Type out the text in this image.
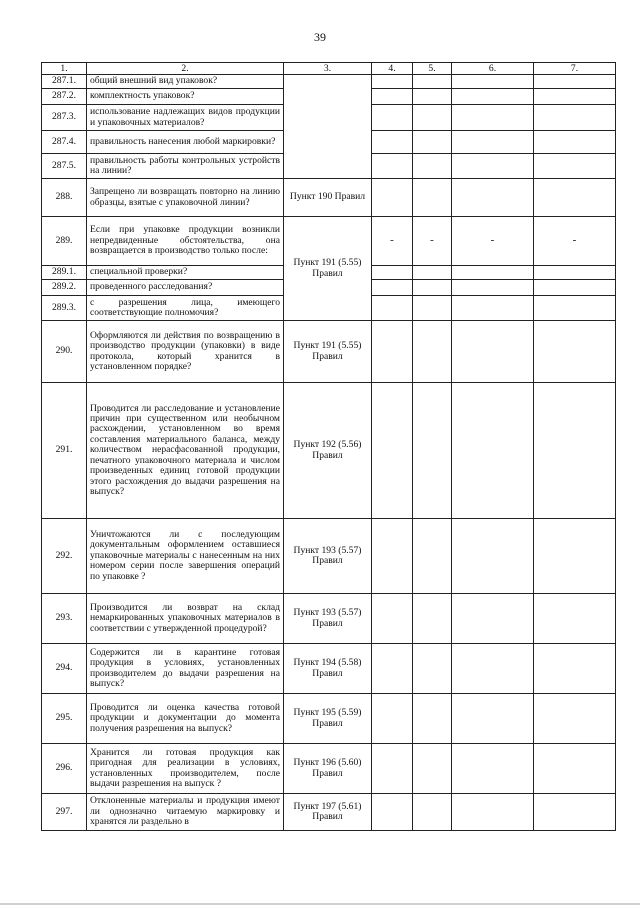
39
1.	2.	3.	4.	5.	6.	7.
287.1.	общий внешний вид упаковок?					
287.2.	комплектность упаковок?					
287.3.	использование надлежащих видов продукции и упаковочных материалов?					
287.4.	правильность нанесения любой маркировки?					
287.5.	правильность работы контрольных устройств на линии?					
288.	Запрещено ли возвращать повторно на линию образцы, взятые с упаковочной линии?	Пункт 190 Правил				
289.	Если при упаковке продукции возникли непредвиденные обстоятельства, она возвращается в производство только после:	Пункт 191 (5.55) Правил	-	-	-	-
289.1.	специальной проверки?					
289.2.	проведенного расследования?					
289.3.	с разрешения лица, имеющего соответствующие полномочия?					
290.	Оформляются ли действия по возвращению в производство продукции (упаковки) в виде протокола, который хранится в установленном порядке?	Пункт 191 (5.55) Правил				
291.	Проводится ли расследование и установление причин при существенном или необычном расхождении, установленном во время составления материального баланса, между количеством нерасфасованной продукции, печатного упаковочного материала и числом произведенных единиц готовой продукции этого расхождения до выдачи разрешения на выпуск?	Пункт 192 (5.56) Правил				
292.	Уничтожаются ли с последующим документальным оформлением оставшиеся упаковочные материалы с нанесенным на них номером серии после завершения операций по упаковке ?	Пункт 193 (5.57) Правил				
293.	Производится ли возврат на склад немаркированных упаковочных материалов в соответствии с утвержденной процедурой?	Пункт 193 (5.57) Правил				
294.	Содержится ли в карантине готовая продукция в условиях, установленных производителем до выдачи разрешения на выпуск?	Пункт 194 (5.58) Правил				
295.	Проводится ли оценка качества готовой продукции и документации до момента получения разрешения на выпуск?	Пункт 195 (5.59) Правил				
296.	Хранится ли готовая продукция как пригодная для реализации в условиях, установленных производителем, после выдачи разрешения на выпуск ?	Пункт 196 (5.60) Правил				
297.	Отклоненные материалы и продукция имеют ли однозначно читаемую маркировку и хранятся ли раздельно в	Пункт 197 (5.61) Правил				
